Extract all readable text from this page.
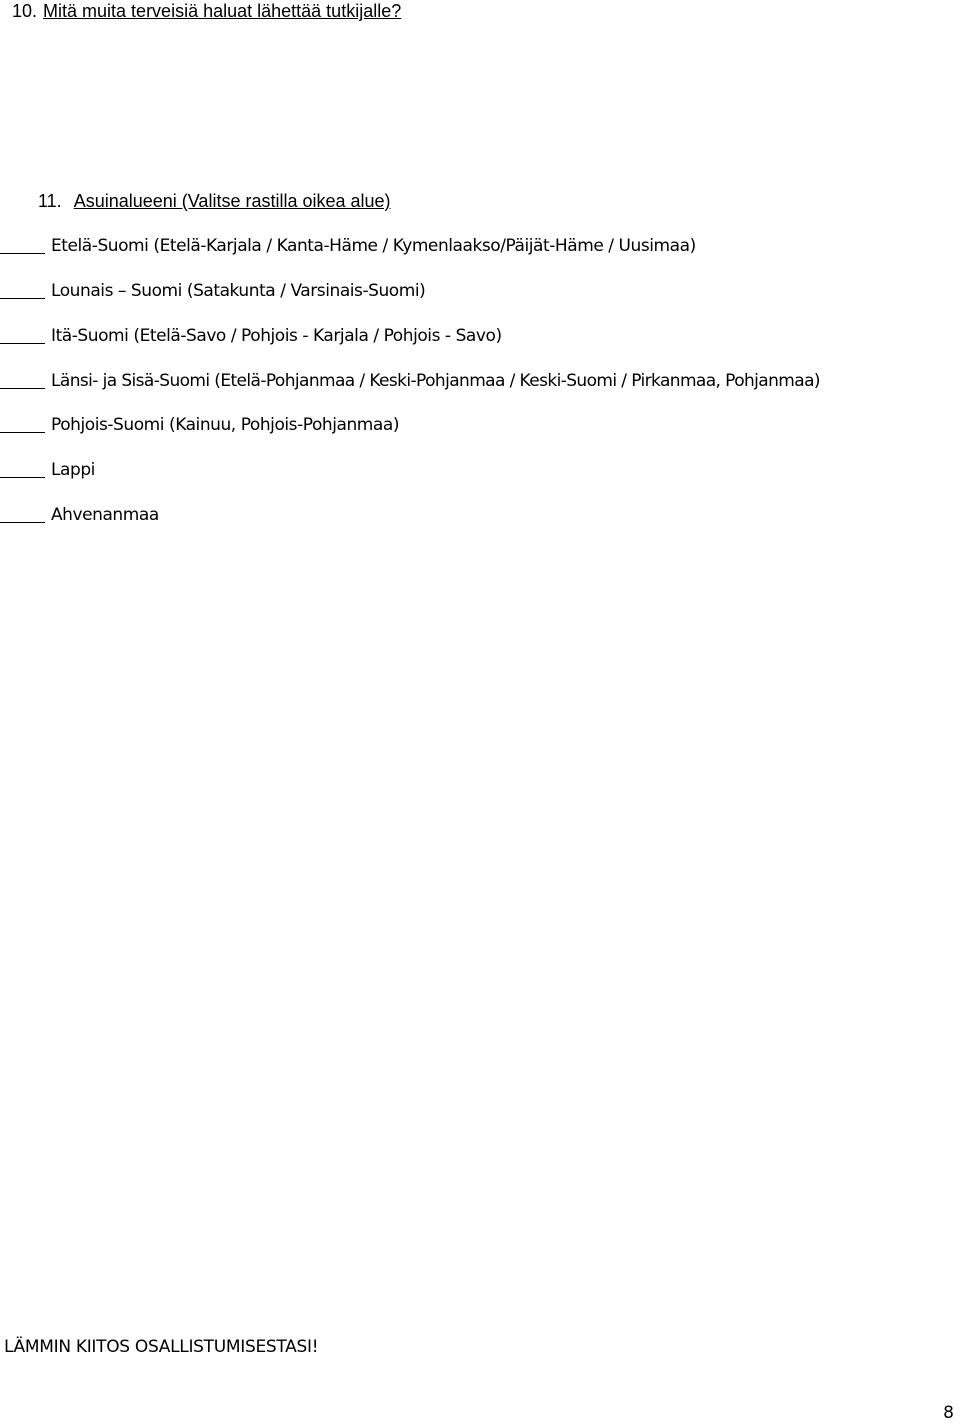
10. Mitä muita terveisiä haluat lähettää tutkijalle?
11. Asuinalueeni (Valitse rastilla oikea alue)
Etelä-Suomi (Etelä-Karjala / Kanta-Häme / Kymenlaakso/Päijät-Häme / Uusimaa)
Lounais – Suomi (Satakunta / Varsinais-Suomi)
Itä-Suomi (Etelä-Savo / Pohjois - Karjala / Pohjois - Savo)
Länsi- ja Sisä-Suomi (Etelä-Pohjanmaa / Keski-Pohjanmaa / Keski-Suomi / Pirkanmaa, Pohjanmaa)
Pohjois-Suomi (Kainuu, Pohjois-Pohjanmaa)
Lappi
Ahvenanmaa
LÄMMIN KIITOS OSALLISTUMISESTASI!
8
